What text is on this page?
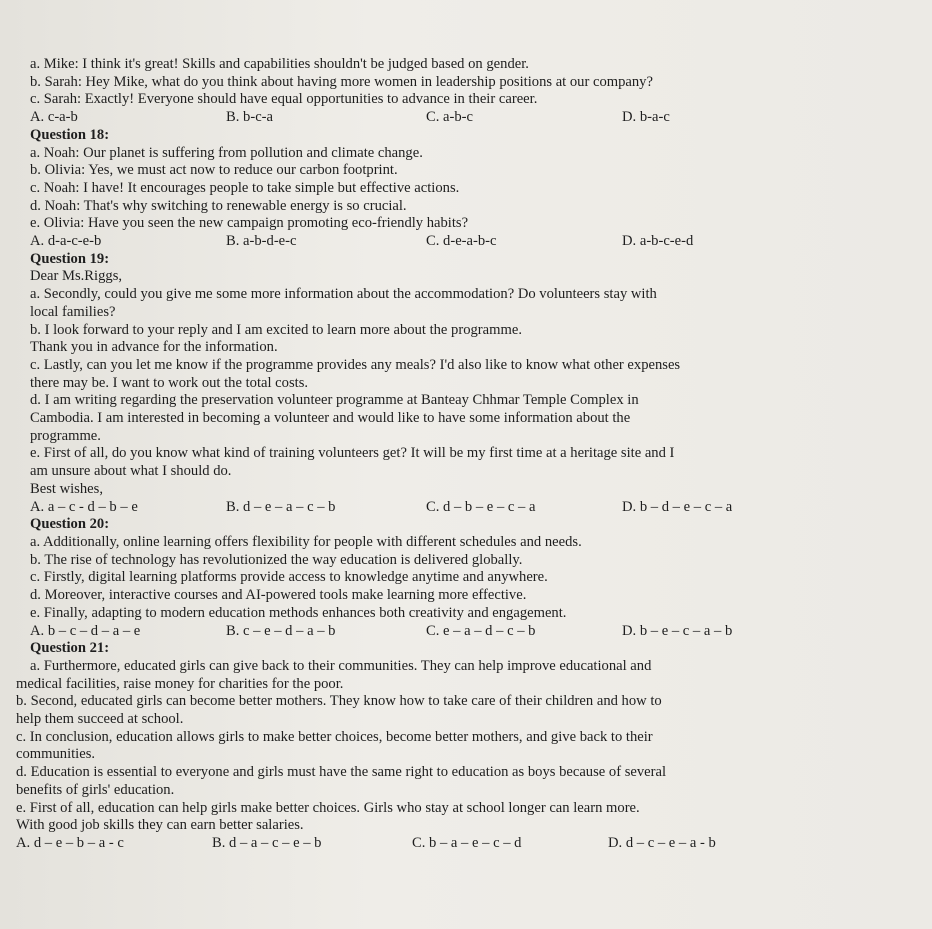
a. Mike: I think it's great! Skills and capabilities shouldn't be judged based on gender.
b. Sarah: Hey Mike, what do you think about having more women in leadership positions at our company?
c. Sarah: Exactly! Everyone should have equal opportunities to advance in their career.
A. c-a-b	B. b-c-a	C. a-b-c	D. b-a-c
Question 18:
a. Noah: Our planet is suffering from pollution and climate change.
b. Olivia: Yes, we must act now to reduce our carbon footprint.
c. Noah: I have! It encourages people to take simple but effective actions.
d. Noah: That's why switching to renewable energy is so crucial.
e. Olivia: Have you seen the new campaign promoting eco-friendly habits?
A. d-a-c-e-b	B. a-b-d-e-c	C. d-e-a-b-c	D. a-b-c-e-d
Question 19:
Dear Ms.Riggs,
a. Secondly, could you give me some more information about the accommodation? Do volunteers stay with
local families?
b. I look forward to your reply and I am excited to learn more about the programme.
Thank you in advance for the information.
c. Lastly, can you let me know if the programme provides any meals? I'd also like to know what other expenses
there may be. I want to work out the total costs.
d. I am writing regarding the preservation volunteer programme at Banteay Chhmar Temple Complex in
Cambodia. I am interested in becoming a volunteer and would like to have some information about the
programme.
e. First of all, do you know what kind of training volunteers get? It will be my first time at a heritage site and I
am unsure about what I should do.
Best wishes,
A. a – c - d – b – e	B. d – e – a – c – b	C. d – b – e – c – a	D. b – d – e – c – a
Question 20:
a. Additionally, online learning offers flexibility for people with different schedules and needs.
b. The rise of technology has revolutionized the way education is delivered globally.
c. Firstly, digital learning platforms provide access to knowledge anytime and anywhere.
d. Moreover, interactive courses and AI-powered tools make learning more effective.
e. Finally, adapting to modern education methods enhances both creativity and engagement.
A. b – c – d – a – e	B. c – e – d – a – b	C. e – a – d – c – b	D. b – e – c – a – b
Question 21:
a. Furthermore, educated girls can give back to their communities. They can help improve educational and
medical facilities, raise money for charities for the poor.
b. Second, educated girls can become better mothers. They know how to take care of their children and how to
help them succeed at school.
c. In conclusion, education allows girls to make better choices, become better mothers, and give back to their
communities.
d. Education is essential to everyone and girls must have the same right to education as boys because of several
benefits of girls' education.
e. First of all, education can help girls make better choices. Girls who stay at school longer can learn more.
With good job skills they can earn better salaries.
A. d – e – b – a - c	B. d – a – c – e – b	C. b – a – e – c – d	D. d – c – e – a - b
